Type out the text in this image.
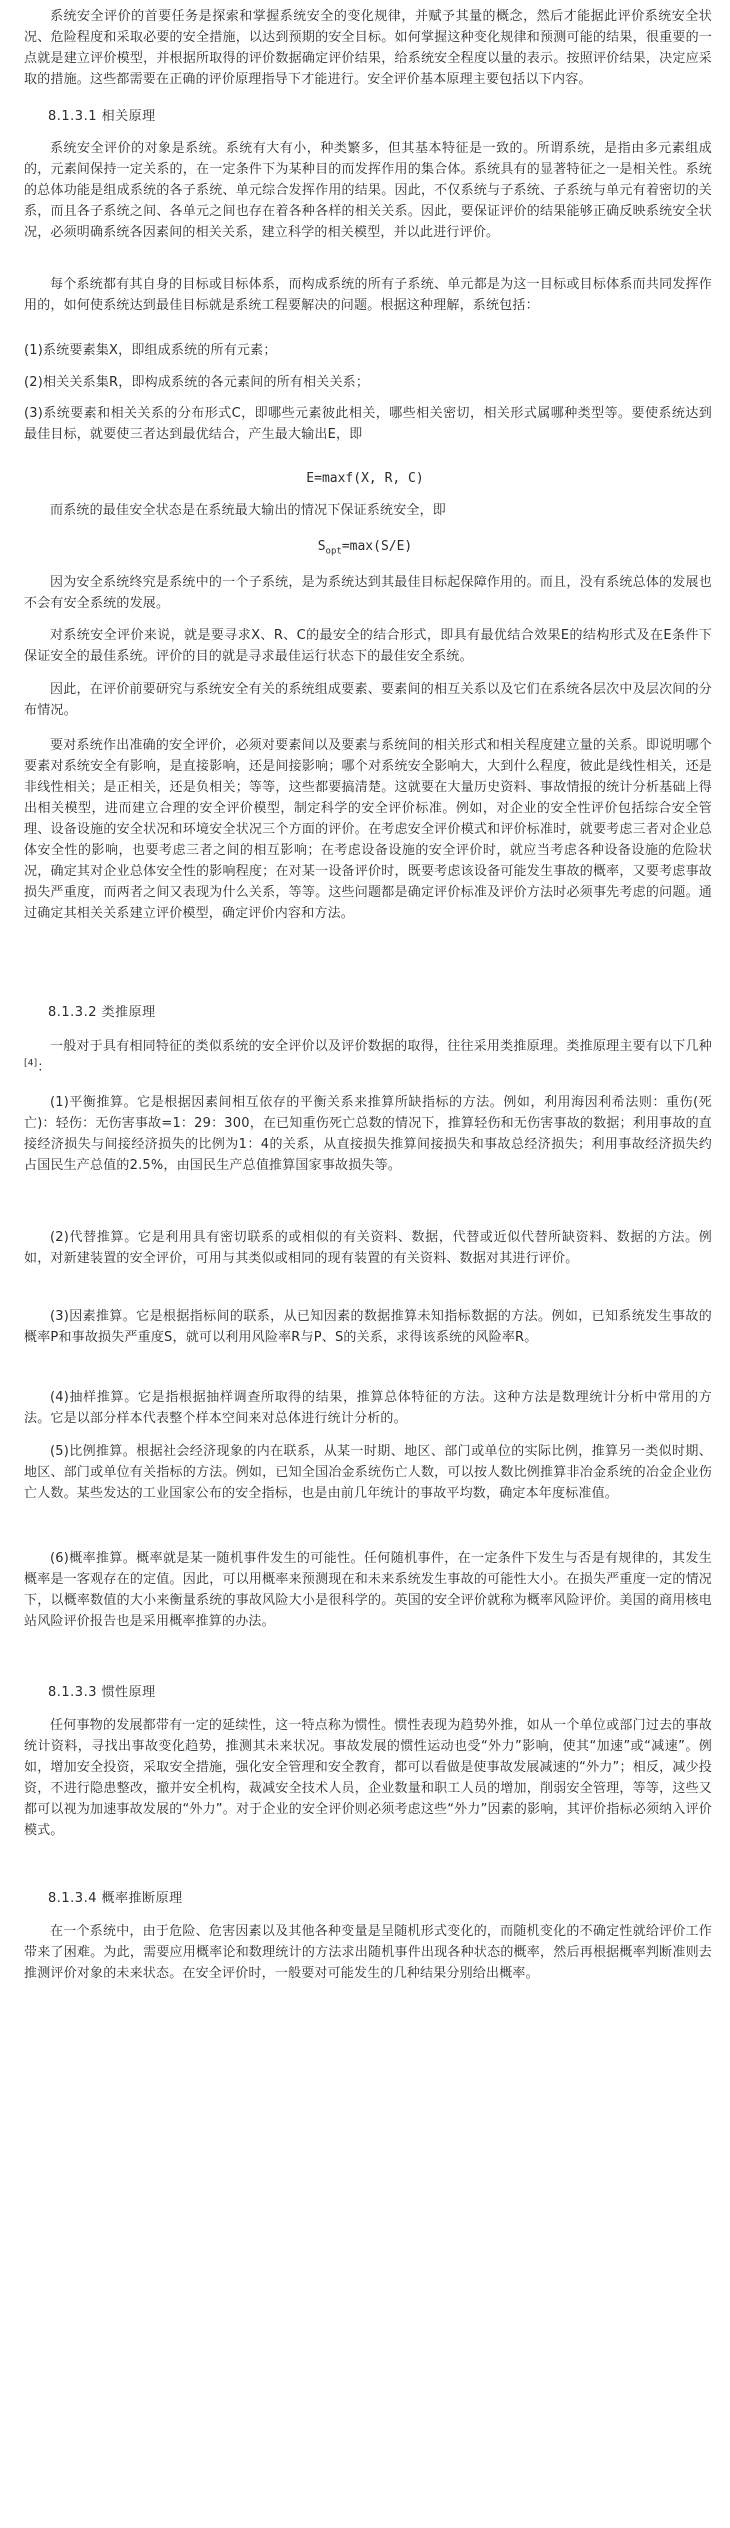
系统安全评价的首要任务是探索和掌握系统安全的变化规律，并赋予其量的概念，然后才能据此评价系统安全状况、危险程度和采取必要的安全措施，以达到预期的安全目标。如何掌握这种变化规律和预测可能的结果，很重要的一点就是建立评价模型，并根据所取得的评价数据确定评价结果，给系统安全程度以量的表示。按照评价结果，决定应采取的措施。这些都需要在正确的评价原理指导下才能进行。安全评价基本原理主要包括以下内容。

8.1.3.1 相关原理

系统安全评价的对象是系统。系统有大有小，种类繁多，但其基本特征是一致的。所谓系统，是指由多元素组成的，元素间保持一定关系的，在一定条件下为某种目的而发挥作用的集合体。系统具有的显著特征之一是相关性。系统的总体功能是组成系统的各子系统、单元综合发挥作用的结果。因此，不仅系统与子系统、子系统与单元有着密切的关系，而且各子系统之间、各单元之间也存在着各种各样的相关关系。因此，要保证评价的结果能够正确反映系统安全状况，必须明确系统各因素间的相关关系，建立科学的相关模型，并以此进行评价。

每个系统都有其自身的目标或目标体系，而构成系统的所有子系统、单元都是为这一目标或目标体系而共同发挥作用的，如何使系统达到最佳目标就是系统工程要解决的问题。根据这种理解，系统包括：

(1)系统要素集X，即组成系统的所有元素；

(2)相关关系集R，即构成系统的各元素间的所有相关关系；

(3)系统要素和相关关系的分布形式C，即哪些元素彼此相关，哪些相关密切，相关形式属哪种类型等。要使系统达到最佳目标，就要使三者达到最优结合，产生最大输出E，即

E=maxf(X, R, C)

而系统的最佳安全状态是在系统最大输出的情况下保证系统安全，即

$S_{opt}=\max(S/E)$

因为安全系统终究是系统中的一个子系统，是为系统达到其最佳目标起保障作用的。而且，没有系统总体的发展也不会有安全系统的发展。

对系统安全评价来说，就是要寻求X、R、C的最安全的结合形式，即具有最优结合效果E的结构形式及在E条件下保证安全的最佳系统。评价的目的就是寻求最佳运行状态下的最佳安全系统。

因此，在评价前要研究与系统安全有关的系统组成要素、要素间的相互关系以及它们在系统各层次中及层次间的分布情况。

要对系统作出准确的安全评价，必须对要素间以及要素与系统间的相关形式和相关程度建立量的关系。即说明哪个要素对系统安全有影响，是直接影响，还是间接影响；哪个对系统安全影响大，大到什么程度，彼此是线性相关，还是非线性相关；是正相关，还是负相关；等等，这些都要搞清楚。这就要在大量历史资料、事故情报的统计分析基础上得出相关模型，进而建立合理的安全评价模型，制定科学的安全评价标准。例如，对企业的安全性评价包括综合安全管理、设备设施的安全状况和环境安全状况三个方面的评价。在考虑安全评价模式和评价标准时，就要考虑三者对企业总体安全性的影响，也要考虑三者之间的相互影响；在考虑设备设施的安全评价时，就应当考虑各种设备设施的危险状况，确定其对企业总体安全性的影响程度；在对某一设备评价时，既要考虑该设备可能发生事故的概率，又要考虑事故损失严重度，而两者之间又表现为什么关系，等等。这些问题都是确定评价标准及评价方法时必须事先考虑的问题。通过确定其相关关系建立评价模型，确定评价内容和方法。

8.1.3.2 类推原理

一般对于具有相同特征的类似系统的安全评价以及评价数据的取得，往往采用类推原理。类推原理主要有以下几种[4]：

(1)平衡推算。它是根据因素间相互依存的平衡关系来推算所缺指标的方法。例如，利用海因利希法则：重伤(死亡)：轻伤：无伤害事故=1：29：300，在已知重伤死亡总数的情况下，推算轻伤和无伤害事故的数据；利用事故的直接经济损失与间接经济损失的比例为1：4的关系，从直接损失推算间接损失和事故总经济损失；利用事故经济损失约占国民生产总值的2.5%，由国民生产总值推算国家事故损失等。

(2)代替推算。它是利用具有密切联系的或相似的有关资料、数据，代替或近似代替所缺资料、数据的方法。例如，对新建装置的安全评价，可用与其类似或相同的现有装置的有关资料、数据对其进行评价。

(3)因素推算。它是根据指标间的联系，从已知因素的数据推算未知指标数据的方法。例如，已知系统发生事故的概率P和事故损失严重度S，就可以利用风险率R与P、S的关系，求得该系统的风险率R。

(4)抽样推算。它是指根据抽样调查所取得的结果，推算总体特征的方法。这种方法是数理统计分析中常用的方法。它是以部分样本代表整个样本空间来对总体进行统计分析的。

(5)比例推算。根据社会经济现象的内在联系，从某一时期、地区、部门或单位的实际比例，推算另一类似时期、地区、部门或单位有关指标的方法。例如，已知全国冶金系统伤亡人数，可以按人数比例推算非冶金系统的冶金企业伤亡人数。某些发达的工业国家公布的安全指标，也是由前几年统计的事故平均数，确定本年度标准值。

(6)概率推算。概率就是某一随机事件发生的可能性。任何随机事件，在一定条件下发生与否是有规律的，其发生概率是一客观存在的定值。因此，可以用概率来预测现在和未来系统发生事故的可能性大小。在损失严重度一定的情况下，以概率数值的大小来衡量系统的事故风险大小是很科学的。英国的安全评价就称为概率风险评价。美国的商用核电站风险评价报告也是采用概率推算的办法。

8.1.3.3 惯性原理

任何事物的发展都带有一定的延续性，这一特点称为惯性。惯性表现为趋势外推，如从一个单位或部门过去的事故统计资料，寻找出事故变化趋势，推测其未来状况。事故发展的惯性运动也受“外力”影响，使其“加速”或“减速”。例如，增加安全投资，采取安全措施，强化安全管理和安全教育，都可以看做是使事故发展减速的“外力”；相反，减少投资，不进行隐患整改，撤并安全机构，裁减安全技术人员，企业数量和职工人员的增加，削弱安全管理，等等，这些又都可以视为加速事故发展的“外力”。对于企业的安全评价则必须考虑这些“外力”因素的影响，其评价指标必须纳入评价模式。

8.1.3.4 概率推断原理

在一个系统中，由于危险、危害因素以及其他各种变量是呈随机形式变化的，而随机变化的不确定性就给评价工作带来了困难。为此，需要应用概率论和数理统计的方法求出随机事件出现各种状态的概率，然后再根据概率判断准则去推测评价对象的未来状态。在安全评价时，一般要对可能发生的几种结果分别给出概率。
